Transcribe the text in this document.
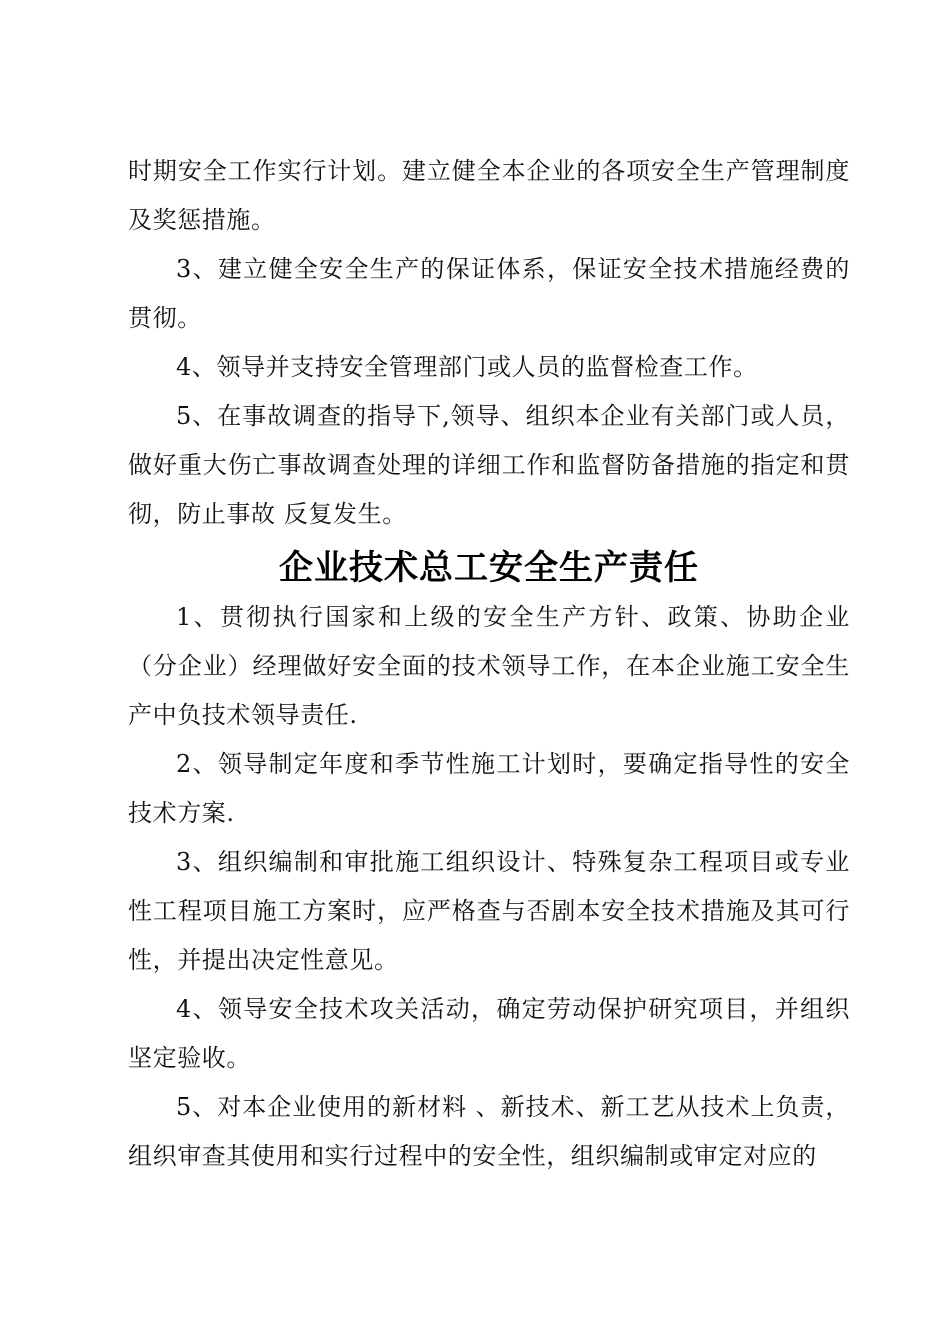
时期安全工作实行计划。建立健全本企业的各项安全生产管理制度及奖惩措施。

3、建立健全安全生产的保证体系，保证安全技术措施经费的贯彻。

4、领导并支持安全管理部门或人员的监督检查工作。

5、在事故调查的指导下,领导、组织本企业有关部门或人员，做好重大伤亡事故调查处理的详细工作和监督防备措施的指定和贯彻，防止事故 反复发生。

企业技术总工安全生产责任

1、贯彻执行国家和上级的安全生产方针、政策、协助企业（分企业）经理做好安全面的技术领导工作，在本企业施工安全生产中负技术领导责任.

2、领导制定年度和季节性施工计划时，要确定指导性的安全技术方案.

3、组织编制和审批施工组织设计、特殊复杂工程项目或专业性工程项目施工方案时，应严格查与否剧本安全技术措施及其可行性，并提出决定性意见。

4、领导安全技术攻关活动，确定劳动保护研究项目，并组织坚定验收。

5、对本企业使用的新材料 、新技术、新工艺从技术上负责，组织审查其使用和实行过程中的安全性，组织编制或审定对应的
